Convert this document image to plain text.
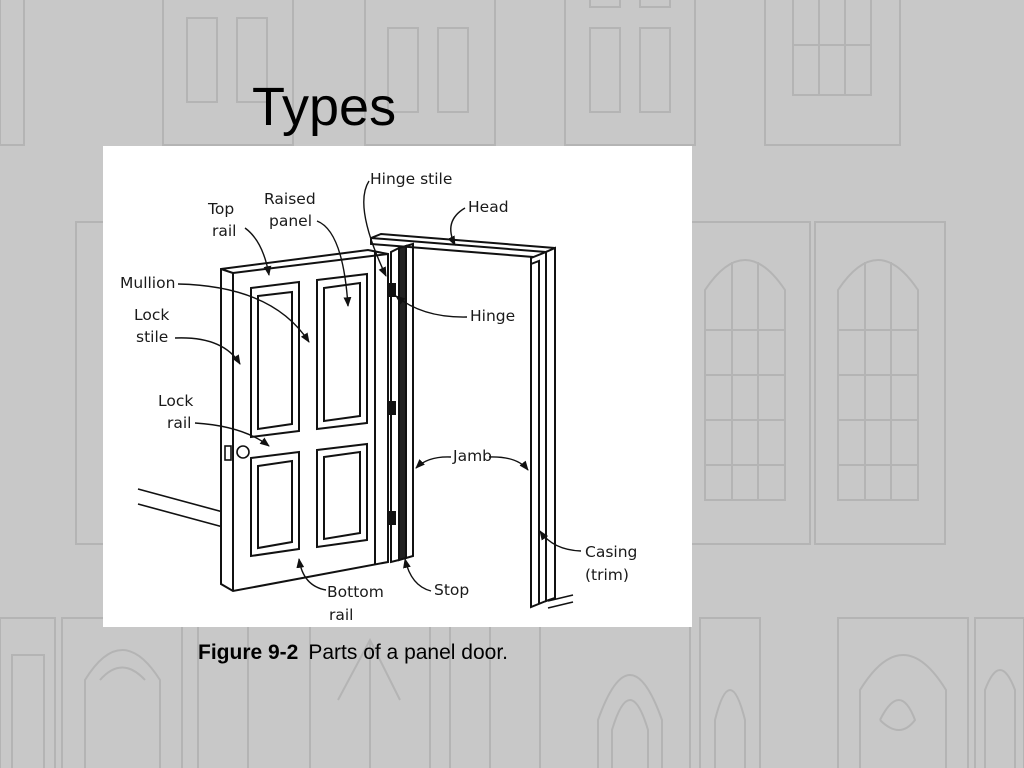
Types
Top rail
Raised panel
Hinge stile
Head
Mullion
Lock stile
Hinge
Lock rail
Jamb
Casing (trim)
Bottom rail
Stop
Figure 9-2 Parts of a panel door.
